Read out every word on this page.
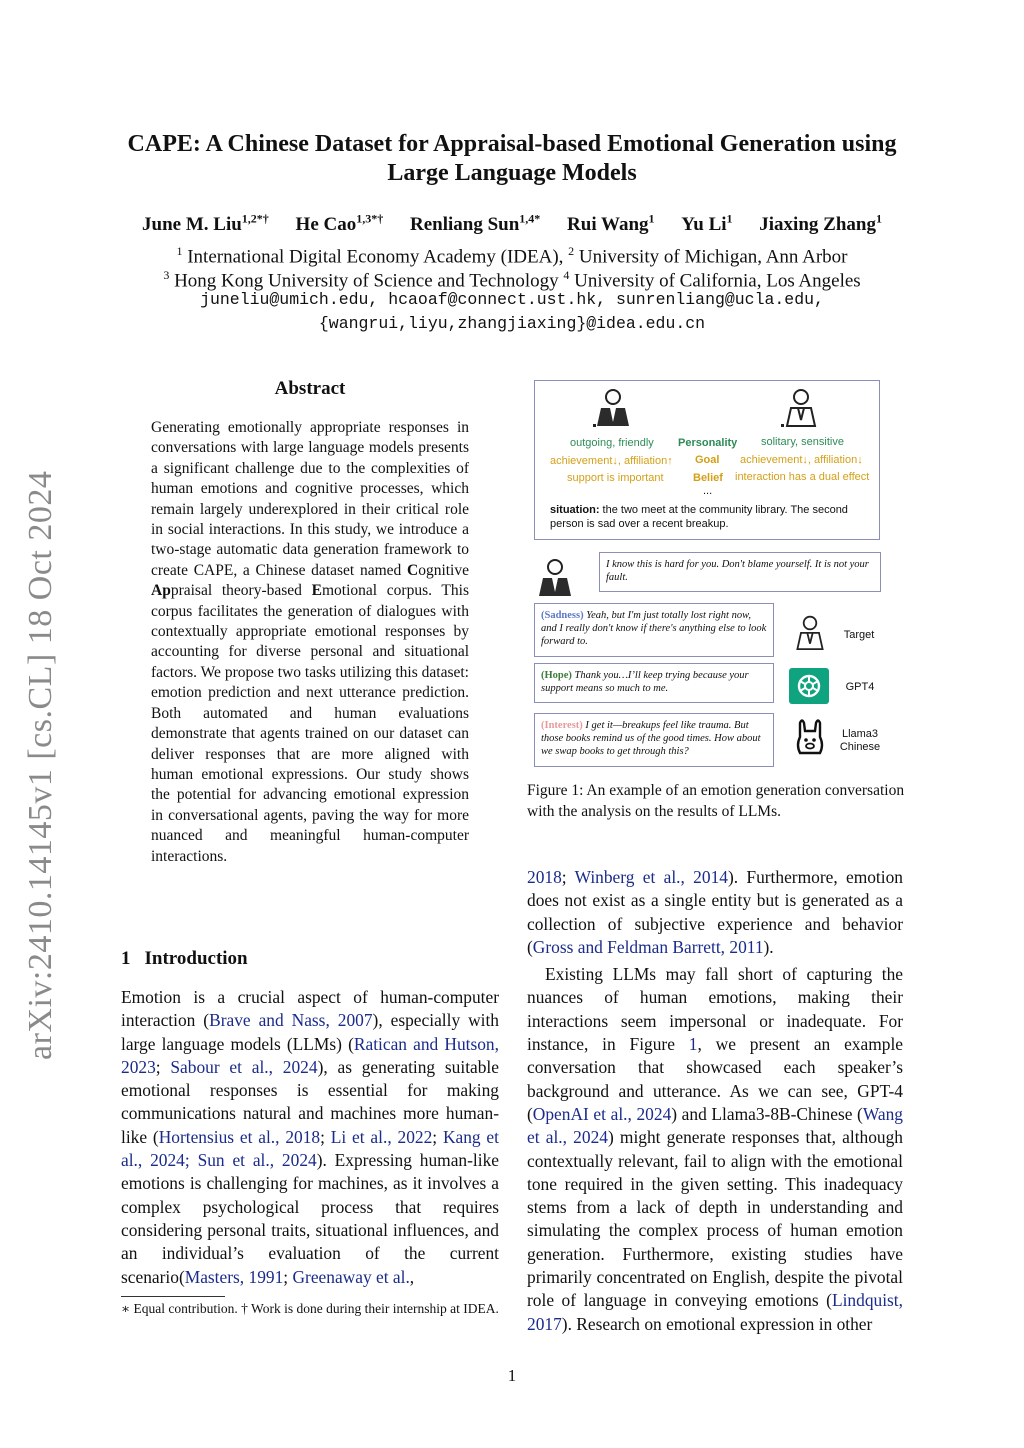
CAPE: A Chinese Dataset for Appraisal-based Emotional Generation using
Large Language Models
June M. Liu$^{1,2*\dagger}$ He Cao$^{1,3*\dagger}$ Renliang Sun$^{1,4*}$ Rui Wang$^1$ Yu Li$^1$ Jiaxing Zhang$^1$
$^1$ International Digital Economy Academy (IDEA), $^2$ University of Michigan, Ann Arbor
$^3$ Hong Kong University of Science and Technology $^4$ University of California, Los Angeles
juneliu@umich.edu, hcaoaf@connect.ust.hk, sunrenliang@ucla.edu,
{wangrui,liyu,zhangjiaxing}@idea.edu.cn
arXiv:2410.14145v1 [cs.CL] 18 Oct 2024
Abstract
Generating emotionally appropriate responses in conversations with large language models presents a significant challenge due to the complexities of human emotions and cognitive processes, which remain largely underexplored in their critical role in social interactions. In this study, we introduce a two-stage automatic data generation framework to create CAPE, a Chinese dataset named Cognitive Appraisal theory-based Emotional corpus. This corpus facilitates the generation of dialogues with contextually appropriate emotional responses by accounting for diverse personal and situational factors. We propose two tasks utilizing this dataset: emotion prediction and next utterance prediction. Both automated and human evaluations demonstrate that agents trained on our dataset can deliver responses that are more aligned with human emotional expressions. Our study shows the potential for advancing emotional expression in conversational agents, paving the way for more nuanced and meaningful human-computer interactions.
1 Introduction
Emotion is a crucial aspect of human-computer interaction (Brave and Nass, 2007), especially with large language models (LLMs) (Ratican and Hutson, 2023; Sabour et al., 2024), as generating suitable emotional responses is essential for making communications natural and machines more human-like (Hortensius et al., 2018; Li et al., 2022; Kang et al., 2024; Sun et al., 2024). Expressing human-like emotions is challenging for machines, as it involves a complex psychological process that requires considering personal traits, situational influences, and an individual’s evaluation of the current scenario(Masters, 1991; Greenaway et al.,
∗ Equal contribution. † Work is done during their internship at IDEA.
outgoing, friendly Personality solitary, sensitive
achievement↓, affiliation↑ Goal achievement↓, affiliation↓
support is important	Belief interaction has a dual effect
...
situation: the two meet at the community library. The second person is sad over a recent breakup.
I know this is hard for you. Don't blame yourself. It is not your fault.
(Sadness) Yeah, but I'm just totally lost right now, and I really don't know if there's anything else to look forward to.
Target
(Hope) Thank you…I’ll keep trying because your support means so much to me.	GPT4
(Interest) I get it—breakups feel like trauma. But those books remind us of the good times. How about we swap books to get through this?
Llama3
Chinese
Figure 1: An example of an emotion generation conversation with the analysis on the results of LLMs.

2018; Winberg et al., 2014). Furthermore, emotion does not exist as a single entity but is generated as a collection of subjective experience and behavior (Gross and Feldman Barrett, 2011).

Existing LLMs may fall short of capturing the nuances of human emotions, making their interactions seem impersonal or inadequate. For instance, in Figure 1, we present an example conversation that showcased each speaker’s background and utterance. As we can see, GPT-4 (OpenAI et al., 2024) and Llama3-8B-Chinese (Wang et al., 2024) might generate responses that, although contextually relevant, fail to align with the emotional tone required in the given setting. This inadequacy stems from a lack of depth in understanding and simulating the complex process of human emotion generation. Furthermore, existing studies have primarily concentrated on English, despite the pivotal role of language in conveying emotions (Lindquist, 2017). Research on emotional expression in other

1
